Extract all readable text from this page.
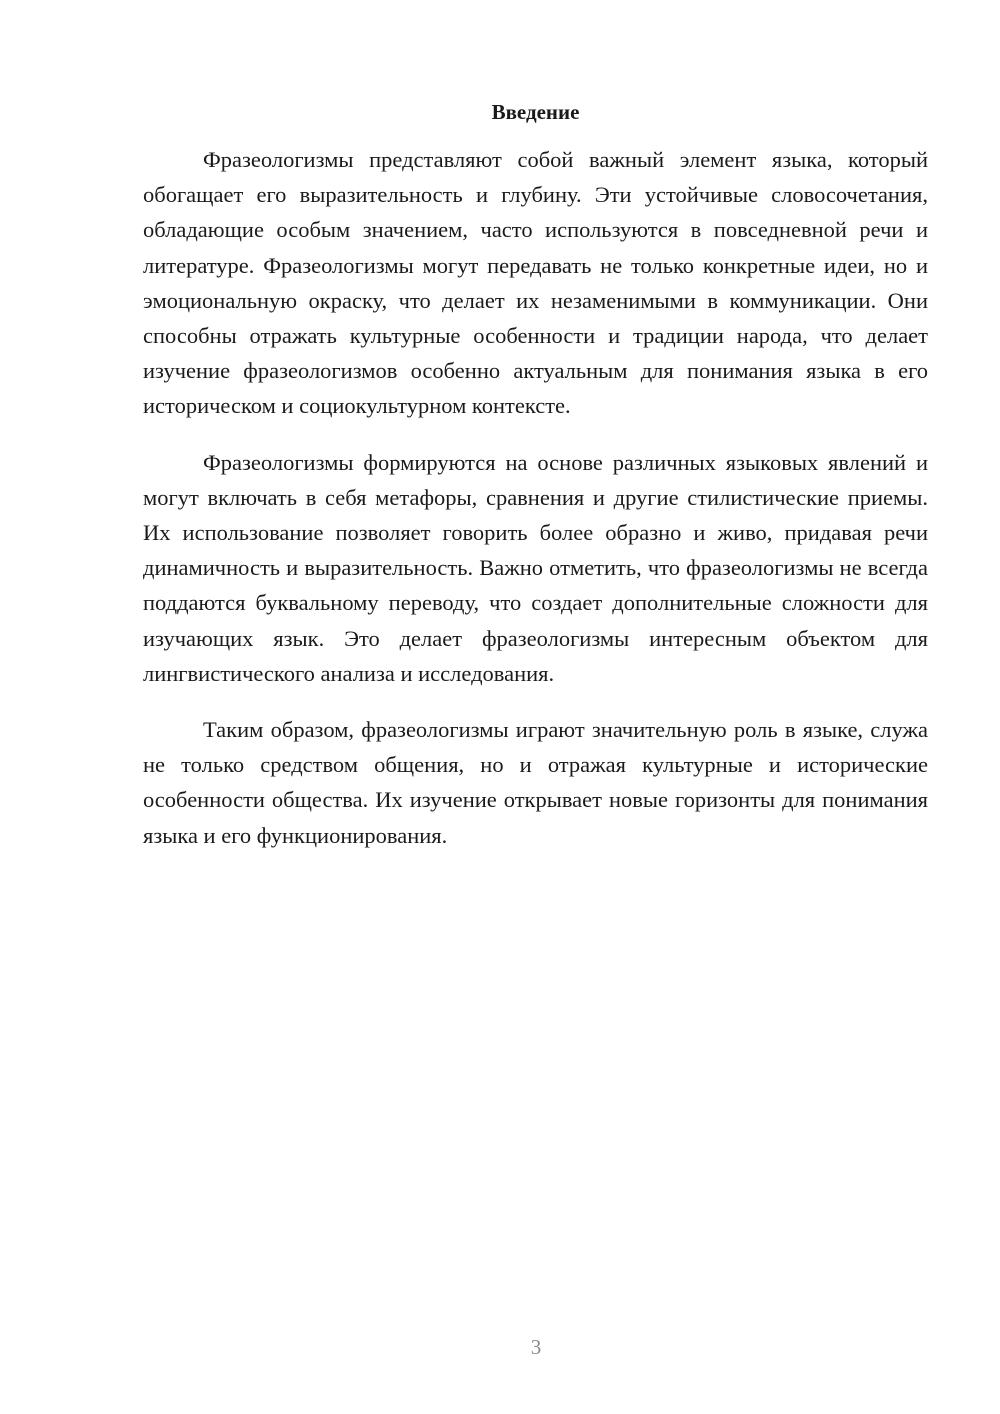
Введение

Фразеологизмы представляют собой важный элемент языка, который обогащает его выразительность и глубину. Эти устойчивые словосочетания, обладающие особым значением, часто используются в повседневной речи и литературе. Фразеологизмы могут передавать не только конкретные идеи, но и эмоциональную окраску, что делает их незаменимыми в коммуникации. Они способны отражать культурные особенности и традиции народа, что делает изучение фразеологизмов особенно актуальным для понимания языка в его историческом и социокультурном контексте.

Фразеологизмы формируются на основе различных языковых явлений и могут включать в себя метафоры, сравнения и другие стилистические приемы. Их использование позволяет говорить более образно и живо, придавая речи динамичность и выразительность. Важно отметить, что фразеологизмы не всегда поддаются буквальному переводу, что создает дополнительные сложности для изучающих язык. Это делает фразеологизмы интересным объектом для лингвистического анализа и исследования.

Таким образом, фразеологизмы играют значительную роль в языке, служа не только средством общения, но и отражая культурные и исторические особенности общества. Их изучение открывает новые горизонты для понимания языка и его функционирования.

3
